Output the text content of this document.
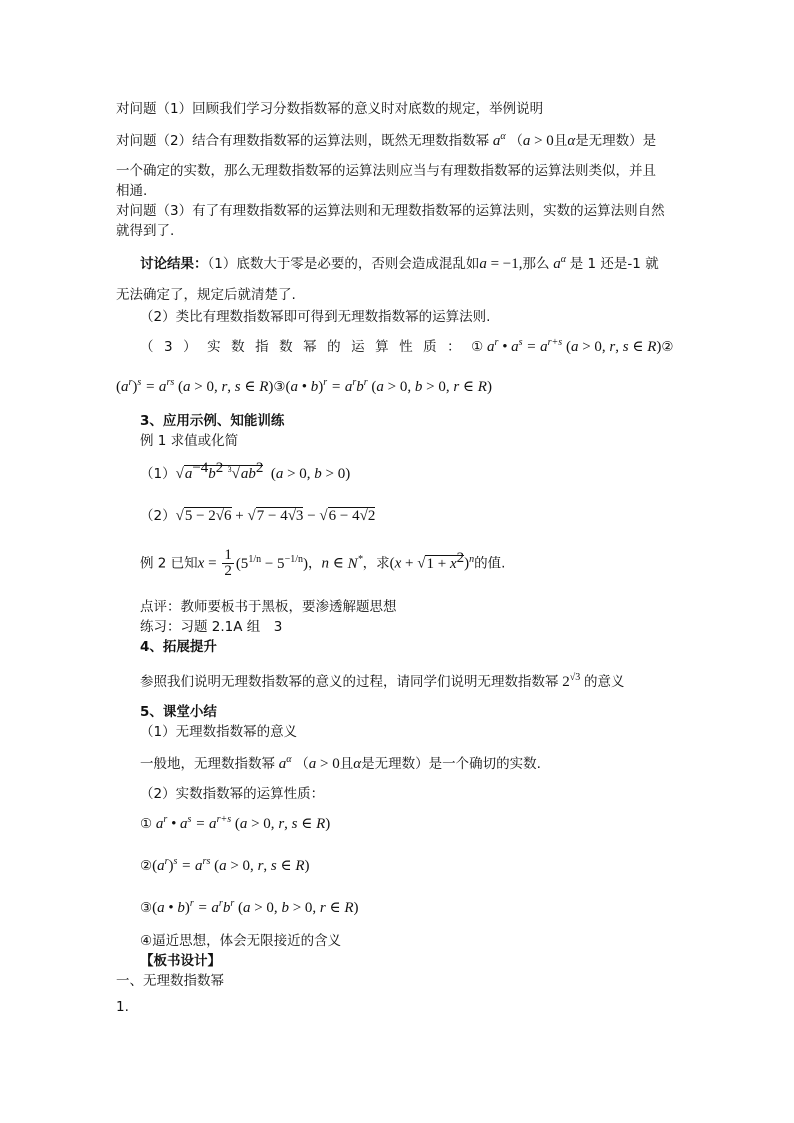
对问题（1）回顾我们学习分数指数幂的意义时对底数的规定，举例说明
对问题（2）结合有理数指数幂的运算法则，既然无理数指数幂 $a^\alpha$ （a > 0且α是无理数）是
一个确定的实数，那么无理数指数幂的运算法则应当与有理数指数幂的运算法则类似，并且
相通.
对问题（3）有了有理数指数幂的运算法则和无理数指数幂的运算法则，实数的运算法则自然
就得到了.
讨论结果：（1）底数大于零是必要的，否则会造成混乱如a = −1,那么 $a^\alpha$ 是 1 还是-1 就
无法确定了，规定后就清楚了.
（2）类比有理数指数幂即可得到无理数指数幂的运算法则.
（3）实数指数幂的运算性质：① $a^r$ • $a^s = a^{r+s}$ (a > 0, r, s ∈ R)②
$(a^r)^s = a^{rs}$ (a > 0, r, s ∈ R)③(a • $b)^r = a^rb^r$ (a > 0, b > 0, r ∈ R)
3、应用示例、知能训练
例 1 求值或化简
$(1)√a^{-4}b^2$ $^3√ab^2$  (a > 0, b > 0)
（2）√5 − 2√6 + √7 − 4√3 − √6 − 4√2
例 2 已知$x = \frac{1}{2} (5^{1/n} - 5^{-1/n})$，n ∈ N*，求$(x + √1 + x^2)^n$的值.
点评：教师要板书于黑板，要渗透解题思想
练习：习题 2.1A 组　3
4、拓展提升
参照我们说明无理数指数幂的意义的过程，请同学们说明无理数指数幂 $2^{√3}$ 的意义
5、课堂小结
（1）无理数指数幂的意义
一般地，无理数指数幂 $a^\alpha$ （a > 0且α是无理数）是一个确切的实数.
（2）实数指数幂的运算性质：
① $a^r$ • $a^s = a^{r+s}$ (a > 0, r, s ∈ R)
$②(a^r)^s = a^{rs}$ (a > 0, r, s ∈ R)
③(a • $b)^r = a^rb^r$ (a > 0, b > 0, r ∈ R)
④逼近思想，体会无限接近的含义
【板书设计】
一、无理数指数幂
1.
